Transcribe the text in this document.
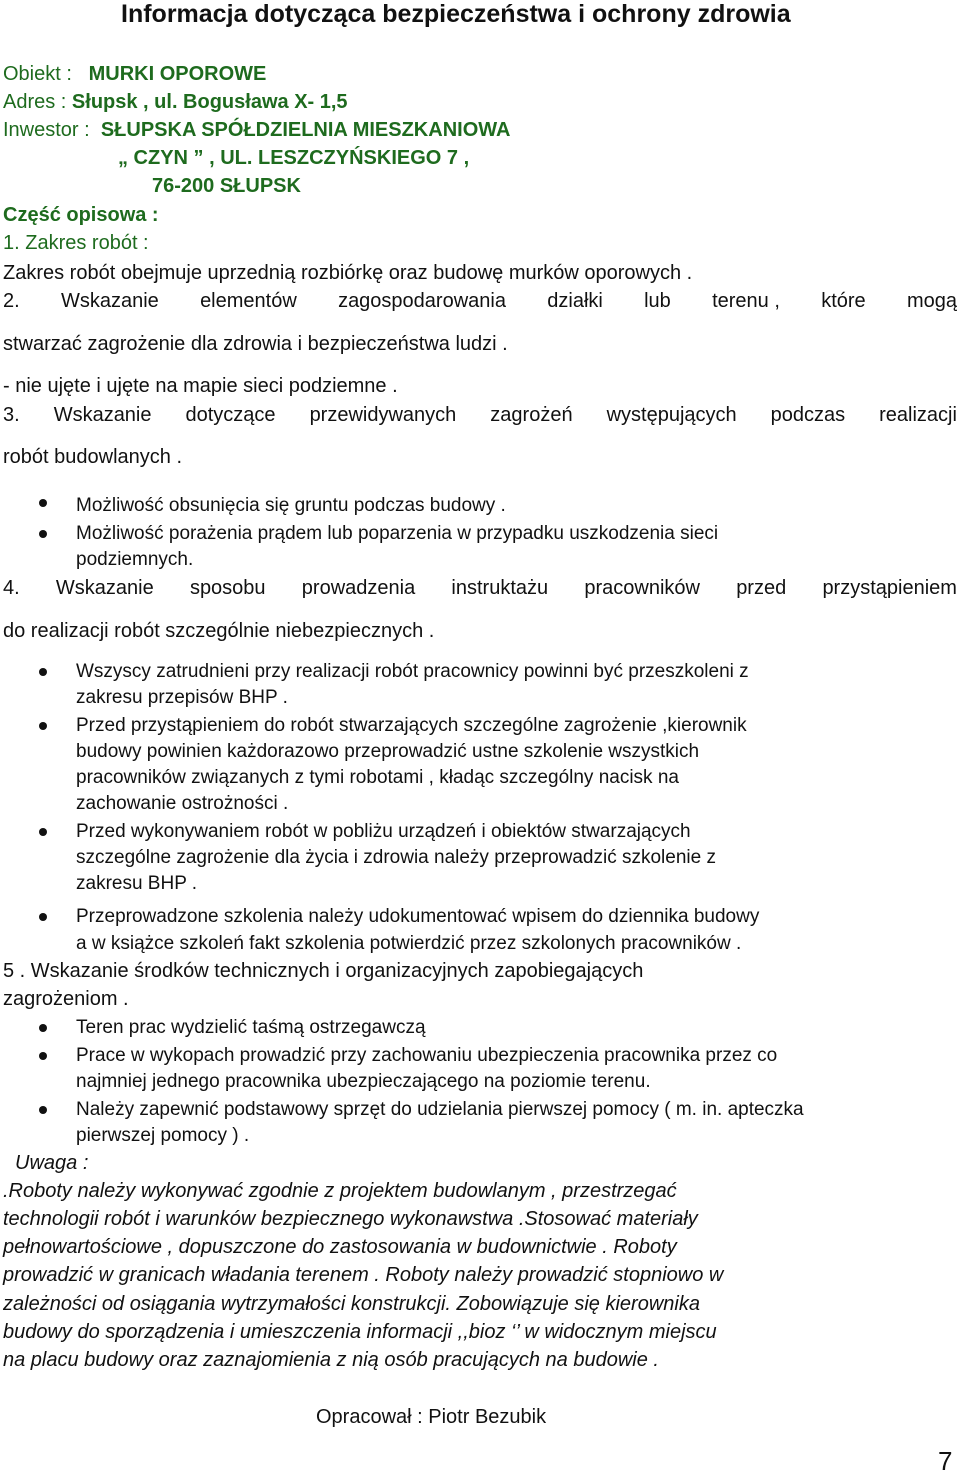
Informacja dotycząca bezpieczeństwa i ochrony zdrowia
Obiekt : MURKI OPOROWE
Adres : Słupsk , ul. Bogusława X- 1,5
Inwestor : SŁUPSKA SPÓŁDZIELNIA MIESZKANIOWA
„ CZYN ” , UL. LESZCZYŃSKIEGO 7 ,
76-200 SŁUPSK
Część opisowa :
1. Zakres robót :
Zakres robót obejmuje uprzednią rozbiórkę oraz budowę murków oporowych .
2. Wskazanie elementów zagospodarowania działki lub terenu , które mogą
stwarzać zagrożenie dla zdrowia i bezpieczeństwa ludzi .
- nie ujęte i ujęte na mapie sieci podziemne .
3. Wskazanie dotyczące przewidywanych zagrożeń występujących podczas realizacji
robót budowlanych .
Możliwość obsunięcia się gruntu podczas budowy .
Możliwość porażenia prądem lub poparzenia w przypadku uszkodzenia sieci
podziemnych.
4. Wskazanie sposobu prowadzenia instruktażu pracowników przed przystąpieniem
do realizacji robót szczególnie niebezpiecznych .
Wszyscy zatrudnieni przy realizacji robót pracownicy powinni być przeszkoleni z
zakresu przepisów BHP .
Przed przystąpieniem do robót stwarzających szczególne zagrożenie ,kierownik
budowy powinien każdorazowo przeprowadzić ustne szkolenie wszystkich
pracowników związanych z tymi robotami , kładąc szczególny nacisk na
zachowanie ostrożności .
Przed wykonywaniem robót w pobliżu urządzeń i obiektów stwarzających
szczególne zagrożenie dla życia i zdrowia należy przeprowadzić szkolenie z
zakresu BHP .
Przeprowadzone szkolenia należy udokumentować wpisem do dziennika budowy
a w książce szkoleń fakt szkolenia potwierdzić przez szkolonych pracowników .
5 . Wskazanie środków technicznych i organizacyjnych zapobiegających
zagrożeniom .
Teren prac wydzielić taśmą ostrzegawczą
Prace w wykopach prowadzić przy zachowaniu ubezpieczenia pracownika przez co
najmniej jednego pracownika ubezpieczającego na poziomie terenu.
Należy zapewnić podstawowy sprzęt do udzielania pierwszej pomocy ( m. in. apteczka
pierwszej pomocy ) .
Uwaga :
.Roboty należy wykonywać zgodnie z projektem budowlanym , przestrzegać
technologii robót i warunków bezpiecznego wykonawstwa .Stosować materiały
pełnowartościowe , dopuszczone do zastosowania w budownictwie . Roboty
prowadzić w granicach władania terenem . Roboty należy prowadzić stopniowo w
zależności od osiągania wytrzymałości konstrukcji. Zobowiązuje się kierownika
budowy do sporządzenia i umieszczenia informacji ,,bioz ‘’ w widocznym miejscu
na placu budowy oraz zaznajomienia z nią osób pracujących na budowie .
Opracował : Piotr Bezubik
7
